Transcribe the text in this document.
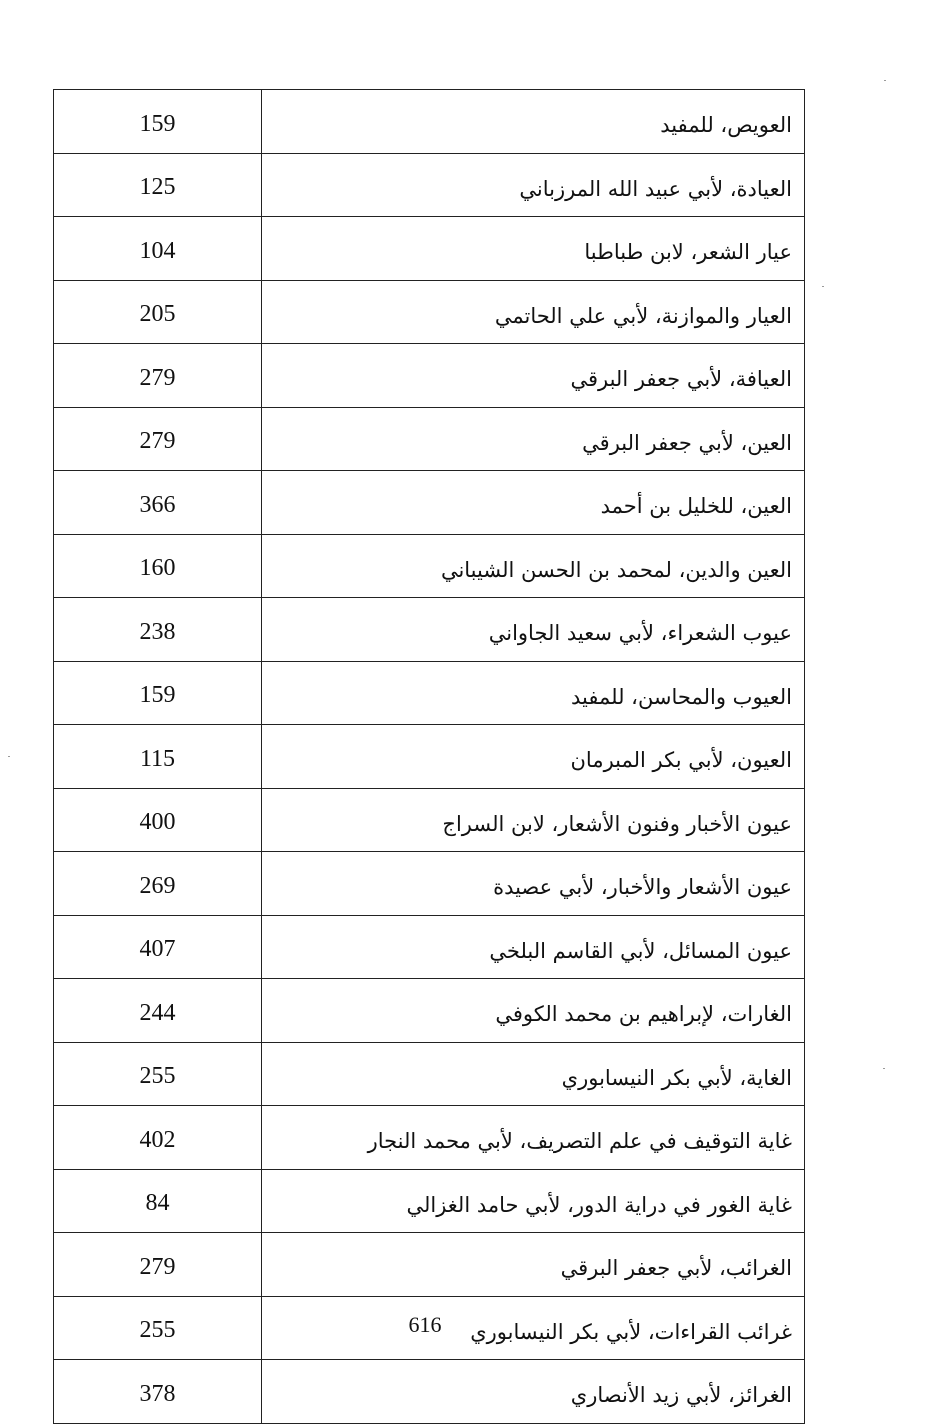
159	العويص، للمفيد
125	العيادة، لأبي عبيد الله المرزباني
104	عيار الشعر، لابن طباطبا
205	العيار والموازنة، لأبي علي الحاتمي
279	العيافة، لأبي جعفر البرقي
279	العين، لأبي جعفر البرقي
366	العين، للخليل بن أحمد
160	العين والدين، لمحمد بن الحسن الشيباني
238	عيوب الشعراء، لأبي سعيد الجاواني
159	العيوب والمحاسن، للمفيد
115	العيون، لأبي بكر المبرمان
400	عيون الأخبار وفنون الأشعار، لابن السراج
269	عيون الأشعار والأخبار، لأبي عصيدة
407	عيون المسائل، لأبي القاسم البلخي
244	الغارات، لإبراهيم بن محمد الكوفي
255	الغاية، لأبي بكر النيسابوري
402	غاية التوقيف في علم التصريف، لأبي محمد النجار
84	غاية الغور في دراية الدور، لأبي حامد الغزالي
279	الغرائب، لأبي جعفر البرقي
255	غرائب القراءات، لأبي بكر النيسابوري
378	الغرائز، لأبي زيد الأنصاري
616
